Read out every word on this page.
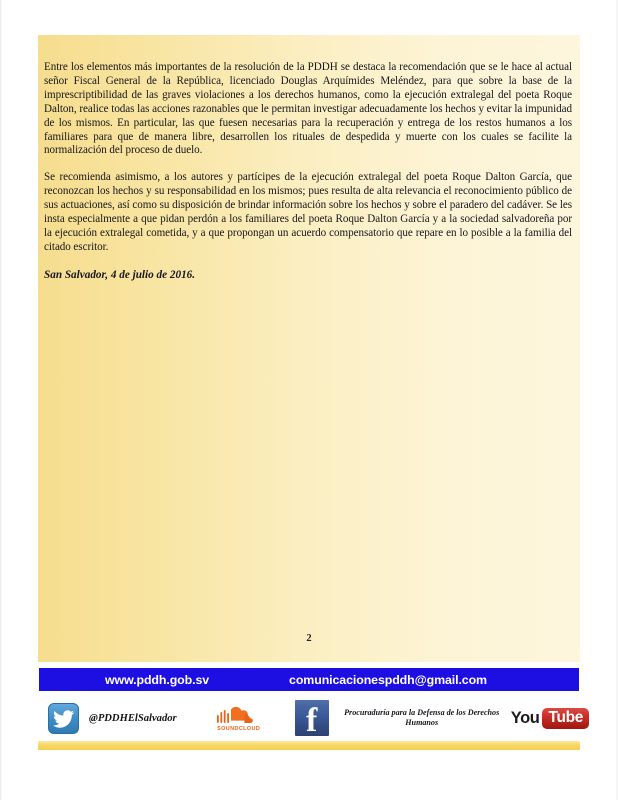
Entre los elementos más importantes de la resolución de la PDDH se destaca la recomendación que se le hace al actual señor Fiscal General de la República, licenciado Douglas Arquímides Meléndez, para que sobre la base de la imprescriptibilidad de las graves violaciones a los derechos humanos, como la ejecución extralegal del poeta Roque Dalton, realice todas las acciones razonables que le permitan investigar adecuadamente los hechos y evitar la impunidad de los mismos. En particular, las que fuesen necesarias para la recuperación y entrega de los restos humanos a los familiares para que de manera libre, desarrollen los rituales de despedida y muerte con los cuales se facilite la normalización del proceso de duelo.

Se recomienda asimismo, a los autores y partícipes de la ejecución extralegal del poeta Roque Dalton García, que reconozcan los hechos y su responsabilidad en los mismos; pues resulta de alta relevancia el reconocimiento público de sus actuaciones, así como su disposición de brindar información sobre los hechos y sobre el paradero del cadáver. Se les insta especialmente a que pidan perdón a los familiares del poeta Roque Dalton García y a la sociedad salvadoreña por la ejecución extralegal cometida, y a que propongan un acuerdo compensatorio que repare en lo posible a la familia del citado escritor.

San Salvador, 4 de julio de 2016.

2
www.pddh.gob.sv	comunicacionespddh@gmail.com
@PDDHElSalvador
SOUNDCLOUD	f	Procuraduría para la Defensa de los Derechos Humanos	You Tube
